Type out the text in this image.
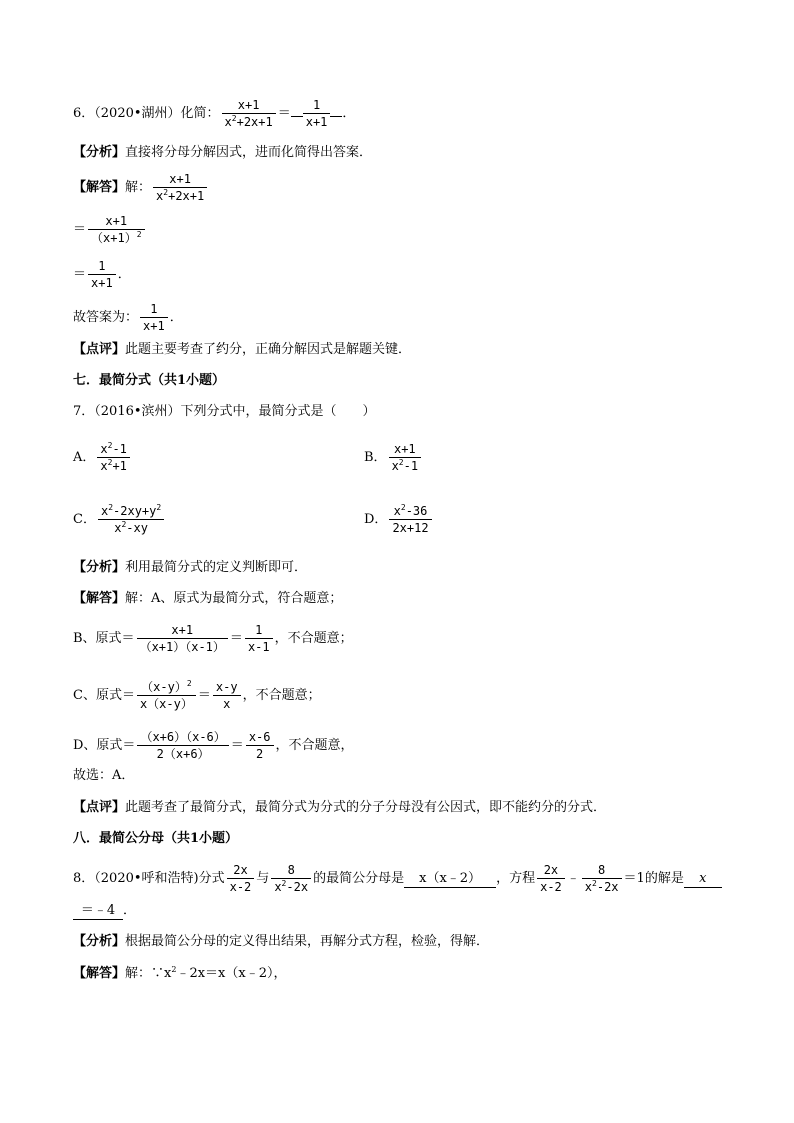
6．（2020•湖州）化简： $\frac{x+1}{x^2+2x+1} = \frac{1}{x+1}$ ．
【分析】直接将分母分解因式，进而化简得出答案．
【解答】解： $\frac{x+1}{x^2+2x+1}$
＝ $\frac{x+1}{(x+1)^2}$
＝ $\frac{1}{x+1}$ ．
故答案为： $\frac{1}{x+1}$ ．
【点评】此题主要考查了约分，正确分解因式是解题关键．
七．最简分式（共1小题）
7．（2016•滨州）下列分式中，最简分式是（　　）
A． $\frac{x^2-1}{x^2+1}$	B． $\frac{x+1}{x^2-1}$
C． $\frac{x^2-2xy+y^2}{x^2-xy}$	D． $\frac{x^2-36}{2x+12}$
【分析】利用最简分式的定义判断即可．
【解答】解：A、原式为最简分式，符合题意；
B、原式＝ $\frac{x+1}{(x+1)(x-1)} = \frac{1}{x-1}$ ，不合题意；
C、原式＝ $\frac{(x-y)^2}{x(x-y)} = \frac{x-y}{x}$ ，不合题意；
D、原式＝ $\frac{(x+6)(x-6)}{2(x+6)} = \frac{x-6}{2}$ ，不合题意，
故选：A．
【点评】此题考查了最简分式，最简分式为分式的分子分母没有公因式，即不能约分的分式．
八．最简公分母（共1小题）
8．（2020•呼和浩特)分式 $\frac{2x}{x-2}$ 与 $\frac{8}{x^2-2x}$ 的最简公分母是 x（x﹣2） ，方程 $\frac{2x}{x-2}$ ﹣ $\frac{8}{x^2-2x} =1$的解是 x
＝﹣4 ．
【分析】根据最简公分母的定义得出结果，再解分式方程，检验，得解．
【解答】解：$\because x^2﹣2x=x(x﹣2)$，
